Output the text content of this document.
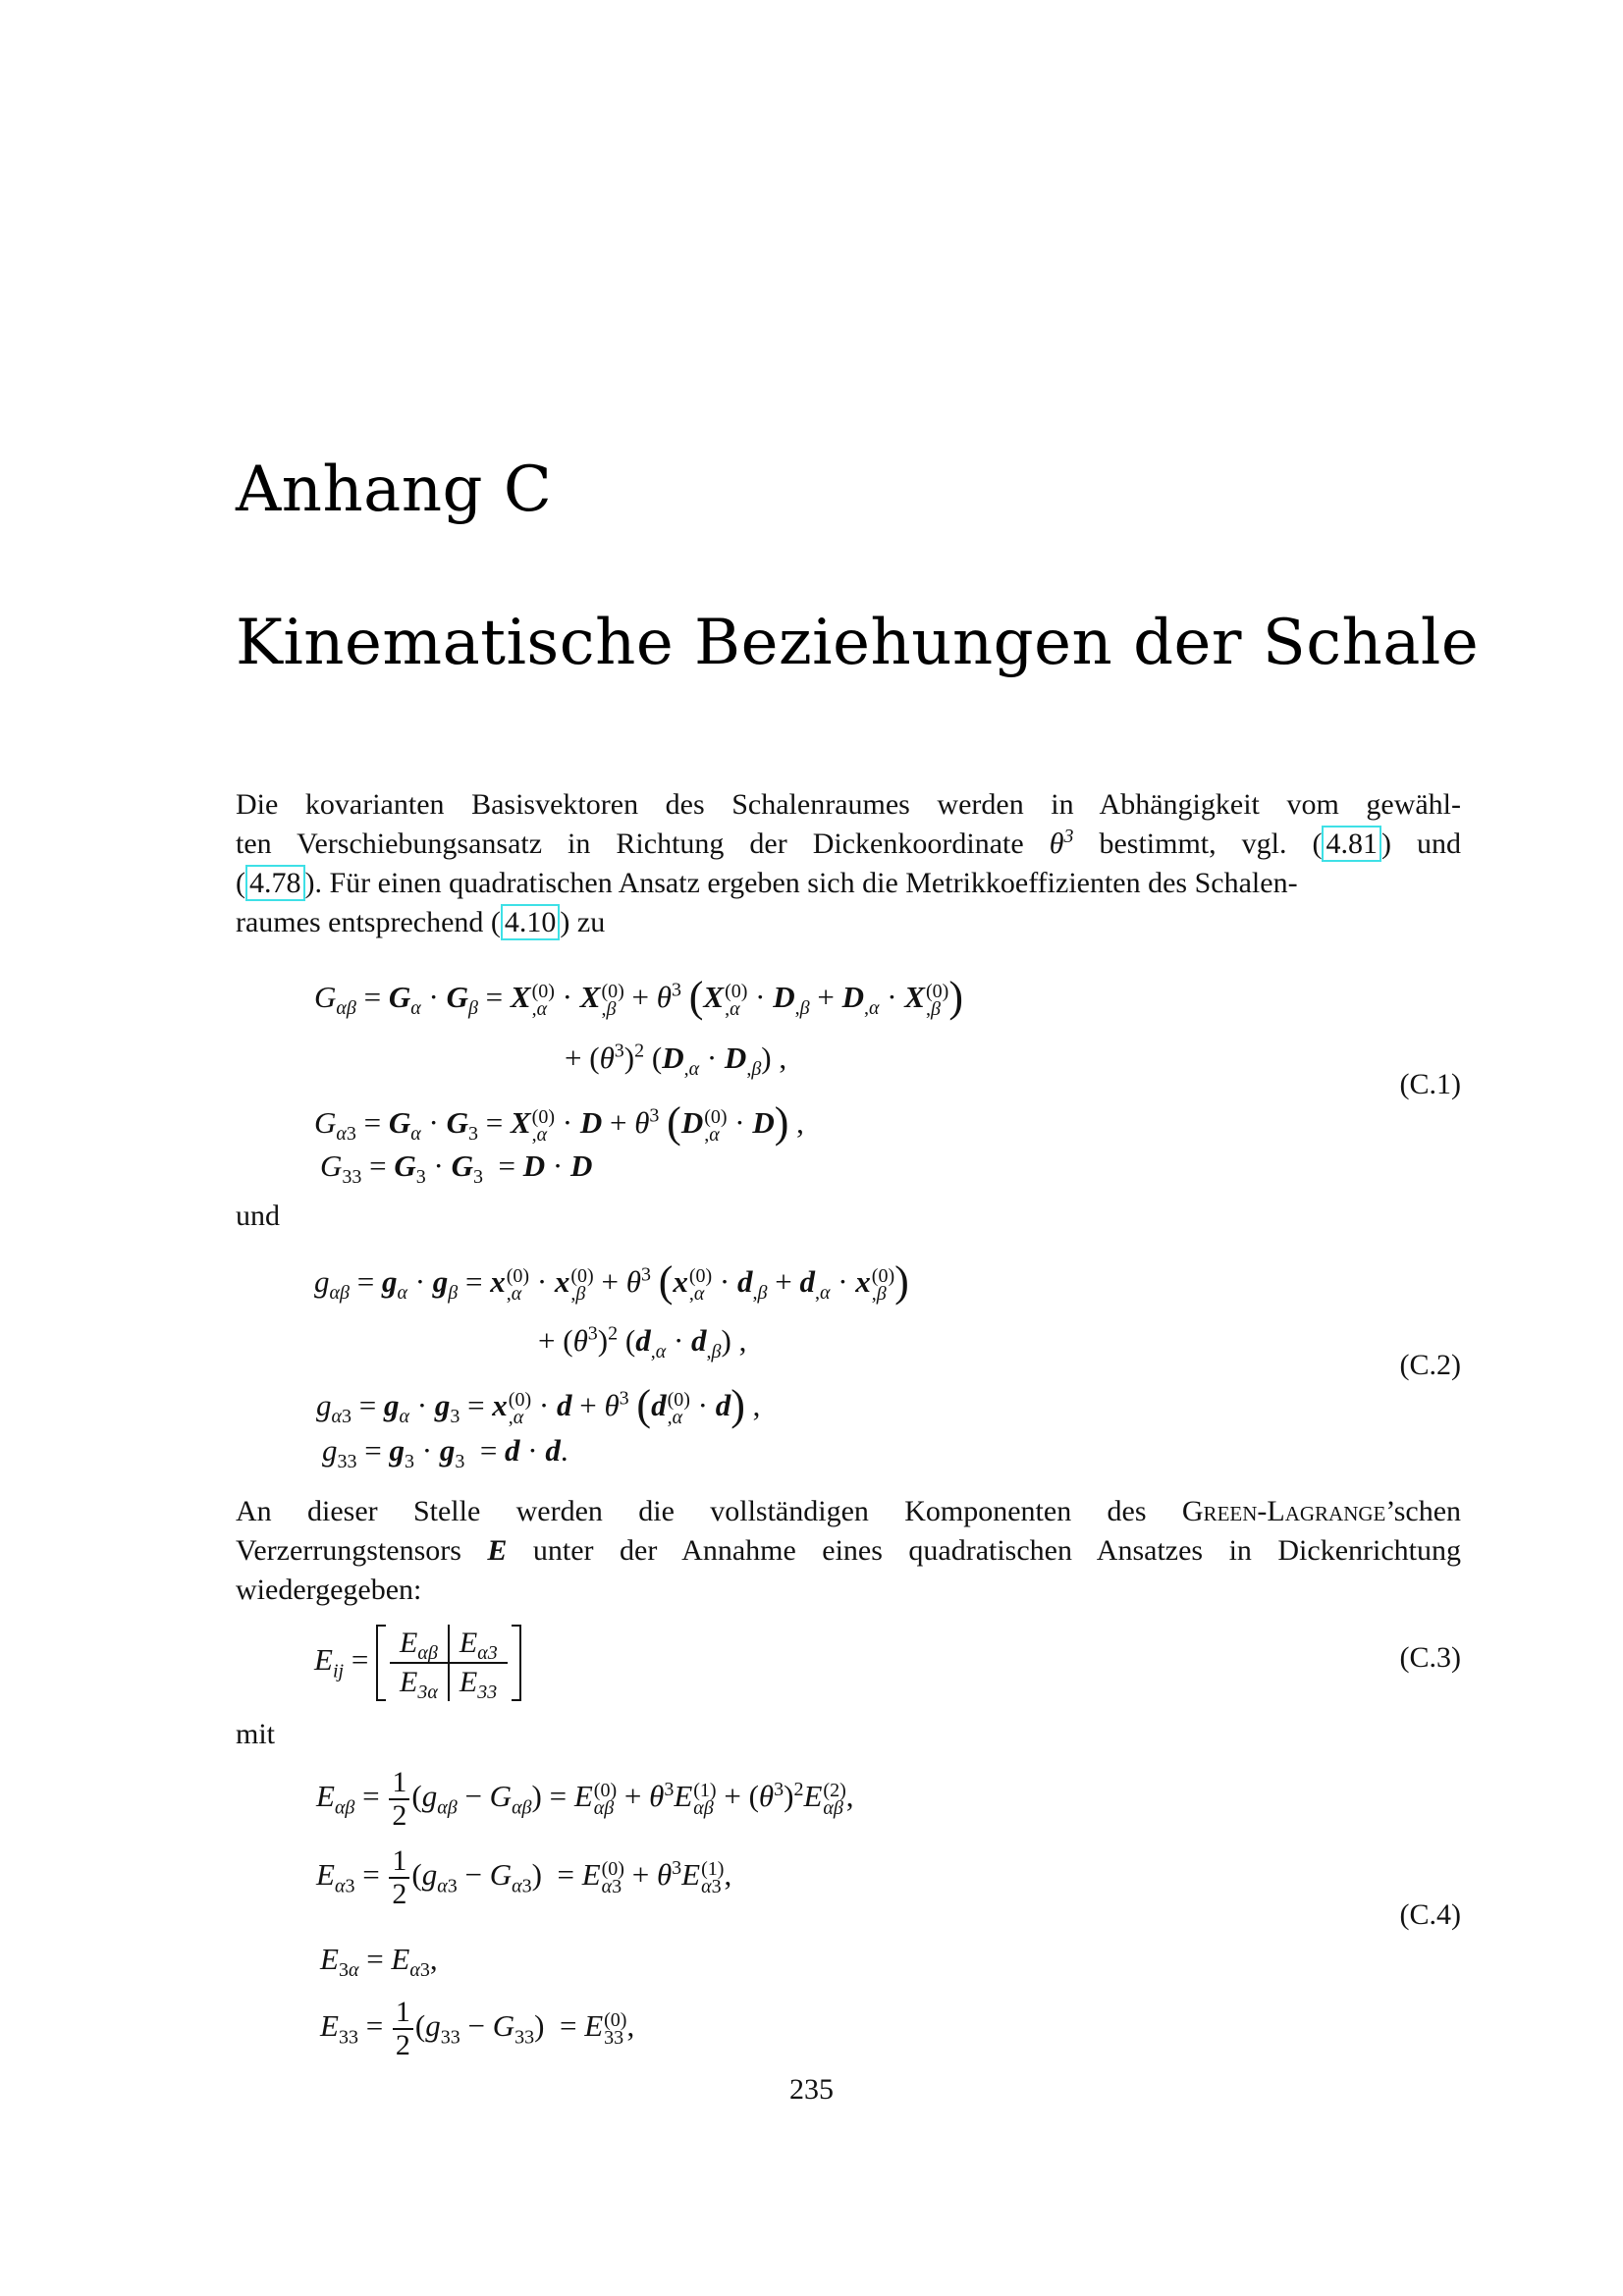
Anhang C
Kinematische Beziehungen der Schale
Die kovarianten Basisvektoren des Schalenraumes werden in Abhängigkeit vom gewähl-
ten Verschiebungsansatz in Richtung der Dickenkoordinate $\theta^3$ bestimmt, vgl. ( 4.81 ) und
( 4.78 ). Für einen quadratischen Ansatz ergeben sich die Metrikkoeffizienten des Schalen-
raumes entsprechend ( 4.10 ) zu
$G_{\alpha\beta} = G_\alpha \cdot G_\beta = X$ (0)
,α · X (0)
$,\beta + \theta^3$ (X (0)
$,\alpha \cdot D_{,\beta} + D_{,\alpha} \cdot X$ (0)
,β )
+ $(\theta^3)^2$ $(D_{,\alpha} \cdot D_{,\beta})$ ,
$G_{\alpha 3} = G_\alpha \cdot G_3 = X$ (0)
$,\alpha \cdot D + \theta^3$ (D (0)
,α · D) ,
$G_{33} = G_3 \cdot G_3 = D \cdot D$
(C.1)
und
$g_{\alpha\beta} = g_\alpha \cdot g_\beta = x$ (0)
,α · x (0)
$,\beta + \theta^3$ (x (0)
$,\alpha \cdot d_{,\beta} + d_{,\alpha} \cdot x$ (0)
,β )
+ $(\theta^3)^2$ $(d_{,\alpha} \cdot d_{,\beta})$ ,
$g_{\alpha 3} = g_\alpha \cdot g_3 = x$ (0)
$,\alpha \cdot d + \theta^3$ (d (0)
,α · d) ,
$g_{33} = g_3 \cdot g_3 = d \cdot d$.
(C.2)
An dieser Stelle werden die vollständigen Komponenten des Green-Lagrange’schen
Verzerrungstensors E unter der Annahme eines quadratischen Ansatzes in Dickenrichtung
wiedergegeben:
$E_{ij} = E_{\alpha\beta}$	$E_{\alpha 3}$
$E_{3\alpha}$	$E_{33}$
(C.3)
mit
$E_{\alpha\beta} = \frac{1}{2} (g_{\alpha\beta} - G_{\alpha\beta}) = E$ (0)
$\alpha\beta + \theta^3E$ (1)
$\alpha\beta + (\theta^3)^2E$ (2)
αβ ,
$E_{\alpha 3} = \frac{1}{2} (g_{\alpha 3} - G_{\alpha 3}) = E$ (0)
$\alpha 3 + \theta^3E$ (1)
α3 ,
$E_{3\alpha} = E_{\alpha 3}$,
$E_{33} = \frac{1}{2} (g_{33} - G_{33}) = E$ (0)
33 ,
(C.4)
235
